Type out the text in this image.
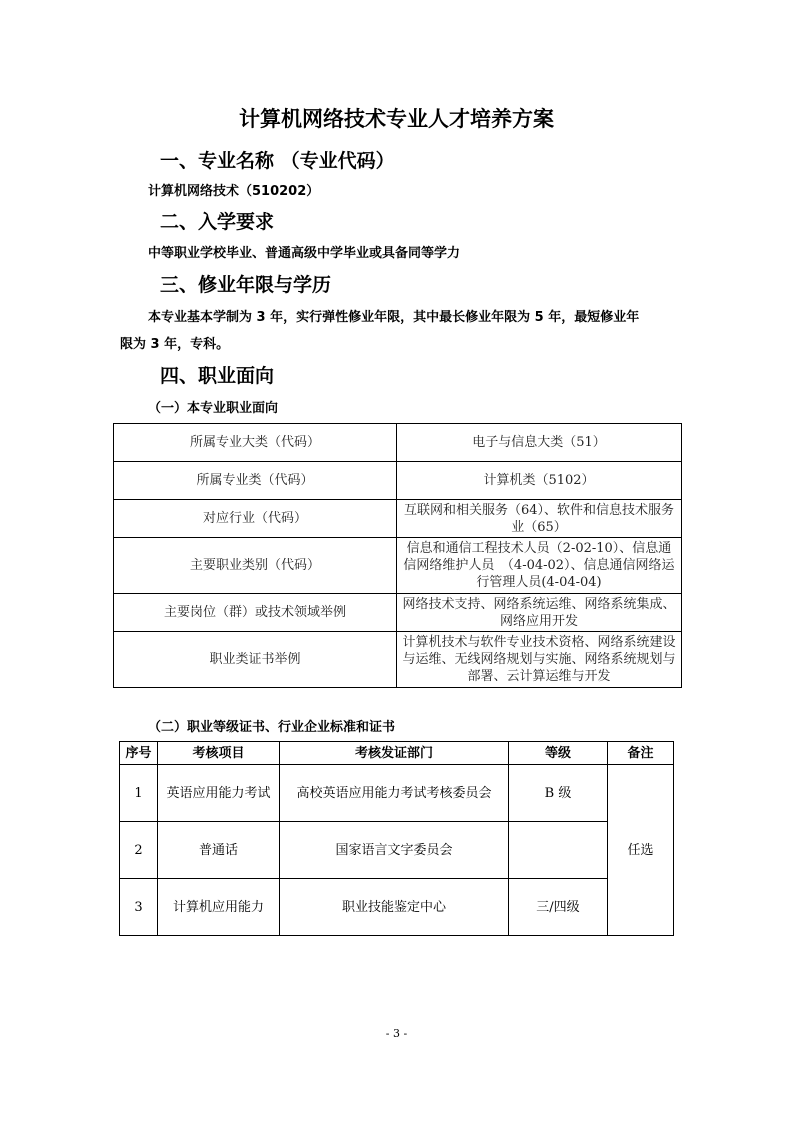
计算机网络技术专业人才培养方案
一、专业名称 （专业代码）
计算机网络技术（510202）
二、入学要求
中等职业学校毕业、普通高级中学毕业或具备同等学力
三、修业年限与学历
本专业基本学制为 3 年，实行弹性修业年限，其中最长修业年限为 5 年，最短修业年
限为 3 年，专科。
四、职业面向
（一）本专业职业面向
所属专业大类（代码）	电子与信息大类（51）
所属专业类（代码）	计算机类（5102）
对应行业（代码）	互联网和相关服务（64）、软件和信息技术服务业（65）
主要职业类别（代码）	信息和通信工程技术人员（2-02-10）、信息通信网络维护人员　（4-04-02）、信息通信网络运行管理人员(4-04-04)
主要岗位（群）或技术领域举例	网络技术支持、网络系统运维、网络系统集成、网络应用开发
职业类证书举例	计算机技术与软件专业技术资格、网络系统建设与运维、无线网络规划与实施、网络系统规划与部署、云计算运维与开发
（二）职业等级证书、行业企业标准和证书
序号	考核项目	考核发证部门	等级	备注
1	英语应用能力考试	高校英语应用能力考试考核委员会	B 级	任选
2	普通话	国家语言文字委员会		
3	计算机应用能力	职业技能鉴定中心	三/四级	
- 3 -
